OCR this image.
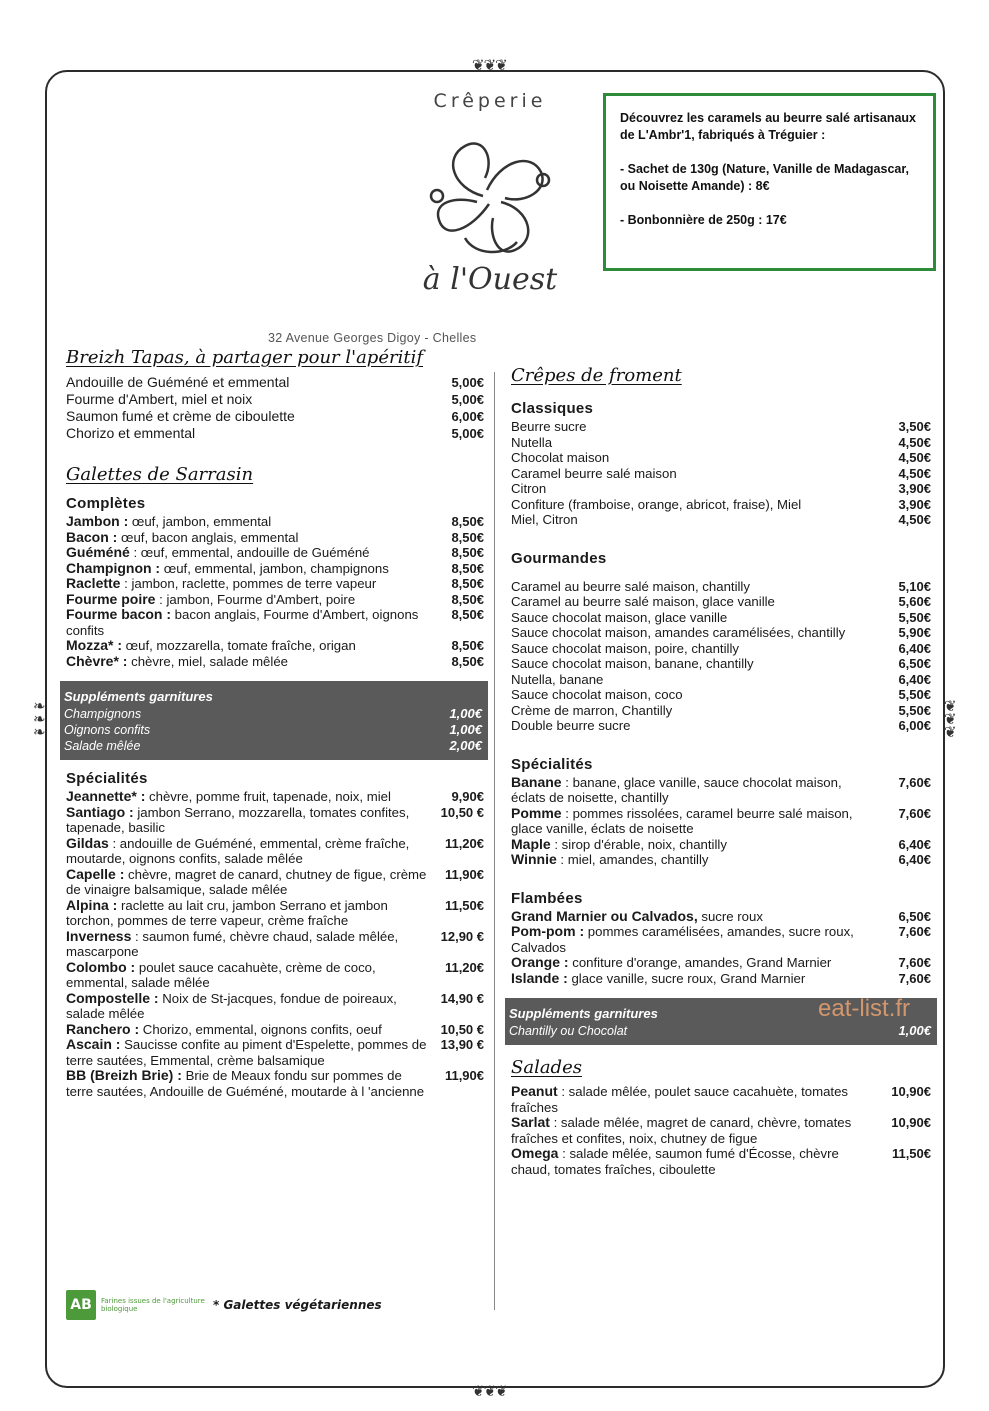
❦❦❦
❦❦❦
❧
❧
❧
❦
❦
❦
Crêperie
à l'Ouest

Découvrez les caramels au beurre salé artisanaux de L'Ambr'1, fabriqués à Tréguier :

- Sachet de 130g (Nature, Vanille de Madagascar, ou Noisette Amande) : 8€

- Bonbonnière de 250g : 17€

32 Avenue Georges Digoy - Chelles
Breizh Tapas, à partager pour l'apéritif
Andouille de Guéméné et emmental	5,00€
Fourme d'Ambert, miel et noix	5,00€
Saumon fumé et crème de ciboulette	6,00€
Chorizo et emmental	5,00€
Galettes de Sarrasin
Complètes
Jambon : œuf, jambon, emmental	8,50€
Bacon : œuf, bacon anglais, emmental	8,50€
Guéméné : œuf, emmental, andouille de Guéméné	8,50€
Champignon : œuf, emmental, jambon, champignons	8,50€
Raclette : jambon, raclette, pommes de terre vapeur	8,50€
Fourme poire : jambon, Fourme d'Ambert, poire	8,50€
Fourme bacon : bacon anglais, Fourme d'Ambert, oignons confits
8,50€
Mozza* : œuf, mozzarella, tomate fraîche, origan	8,50€
Chèvre* : chèvre, miel, salade mêlée	8,50€
Suppléments garnitures
Champignons	1,00€
Oignons confits	1,00€
Salade mêlée	2,00€
Spécialités
Jeannette* : chèvre, pomme fruit, tapenade, noix, miel	9,90€
Santiago : jambon Serrano, mozzarella, tomates confites, tapenade, basilic
10,50 €
Gildas : andouille de Guéméné, emmental, crème fraîche, moutarde, oignons confits, salade mêlée
11,20€
Capelle : chèvre, magret de canard, chutney de figue, crème de vinaigre balsamique, salade mêlée
11,90€
Alpina : raclette au lait cru, jambon Serrano et jambon torchon, pommes de terre vapeur, crème fraîche
11,50€
Inverness : saumon fumé, chèvre chaud, salade mêlée, mascarpone
12,90 €
Colombo : poulet sauce cacahuète, crème de coco, emmental, salade mêlée
11,20€
Compostelle : Noix de St-jacques, fondue de poireaux, salade mêlée
14,90 €
Ranchero : Chorizo, emmental, oignons confits, oeuf	10,50 €
Ascain : Saucisse confite au piment d'Espelette, pommes de terre sautées, Emmental, crème balsamique
13,90 €
BB (Breizh Brie) : Brie de Meaux fondu sur pommes de terre sautées, Andouille de Guéméné, moutarde à l 'ancienne
11,90€
Crêpes de froment
Classiques
Beurre sucre	3,50€
Nutella	4,50€
Chocolat maison	4,50€
Caramel beurre salé maison	4,50€
Citron	3,90€
Confiture (framboise, orange, abricot, fraise), Miel	3,90€
Miel, Citron	4,50€
Gourmandes
Caramel au beurre salé maison, chantilly	5,10€
Caramel au beurre salé maison, glace vanille	5,60€
Sauce chocolat maison, glace vanille	5,50€
Sauce chocolat maison, amandes caramélisées, chantilly	5,90€
Sauce chocolat maison, poire, chantilly	6,40€
Sauce chocolat maison, banane, chantilly	6,50€
Nutella, banane	6,40€
Sauce chocolat maison, coco	5,50€
Crème de marron, Chantilly	5,50€
Double beurre sucre	6,00€
Spécialités
Banane : banane, glace vanille, sauce chocolat maison, éclats de noisette, chantilly
7,60€
Pomme : pommes rissolées, caramel beurre salé maison, glace vanille, éclats de noisette
7,60€
Maple : sirop d'érable, noix, chantilly	6,40€
Winnie : miel, amandes, chantilly	6,40€
Flambées
Grand Marnier ou Calvados, sucre roux	6,50€
Pom-pom : pommes caramélisées, amandes, sucre roux, Calvados
7,60€
Orange : confiture d'orange, amandes, Grand Marnier	7,60€
Islande : glace vanille, sucre roux, Grand Marnier	7,60€
Suppléments garnitures
Chantilly ou Chocolat	1,00€
Salades
Peanut : salade mêlée, poulet sauce cacahuète, tomates fraîches
10,90€
Sarlat : salade mêlée, magret de canard, chèvre, tomates fraîches et confites, noix, chutney de figue
10,90€
Omega : salade mêlée, saumon fumé d'Écosse, chèvre chaud, tomates fraîches, ciboulette
11,50€
AB	Farines issues de l'agriculture biologique	* Galettes végétariennes
eat-list.fr
